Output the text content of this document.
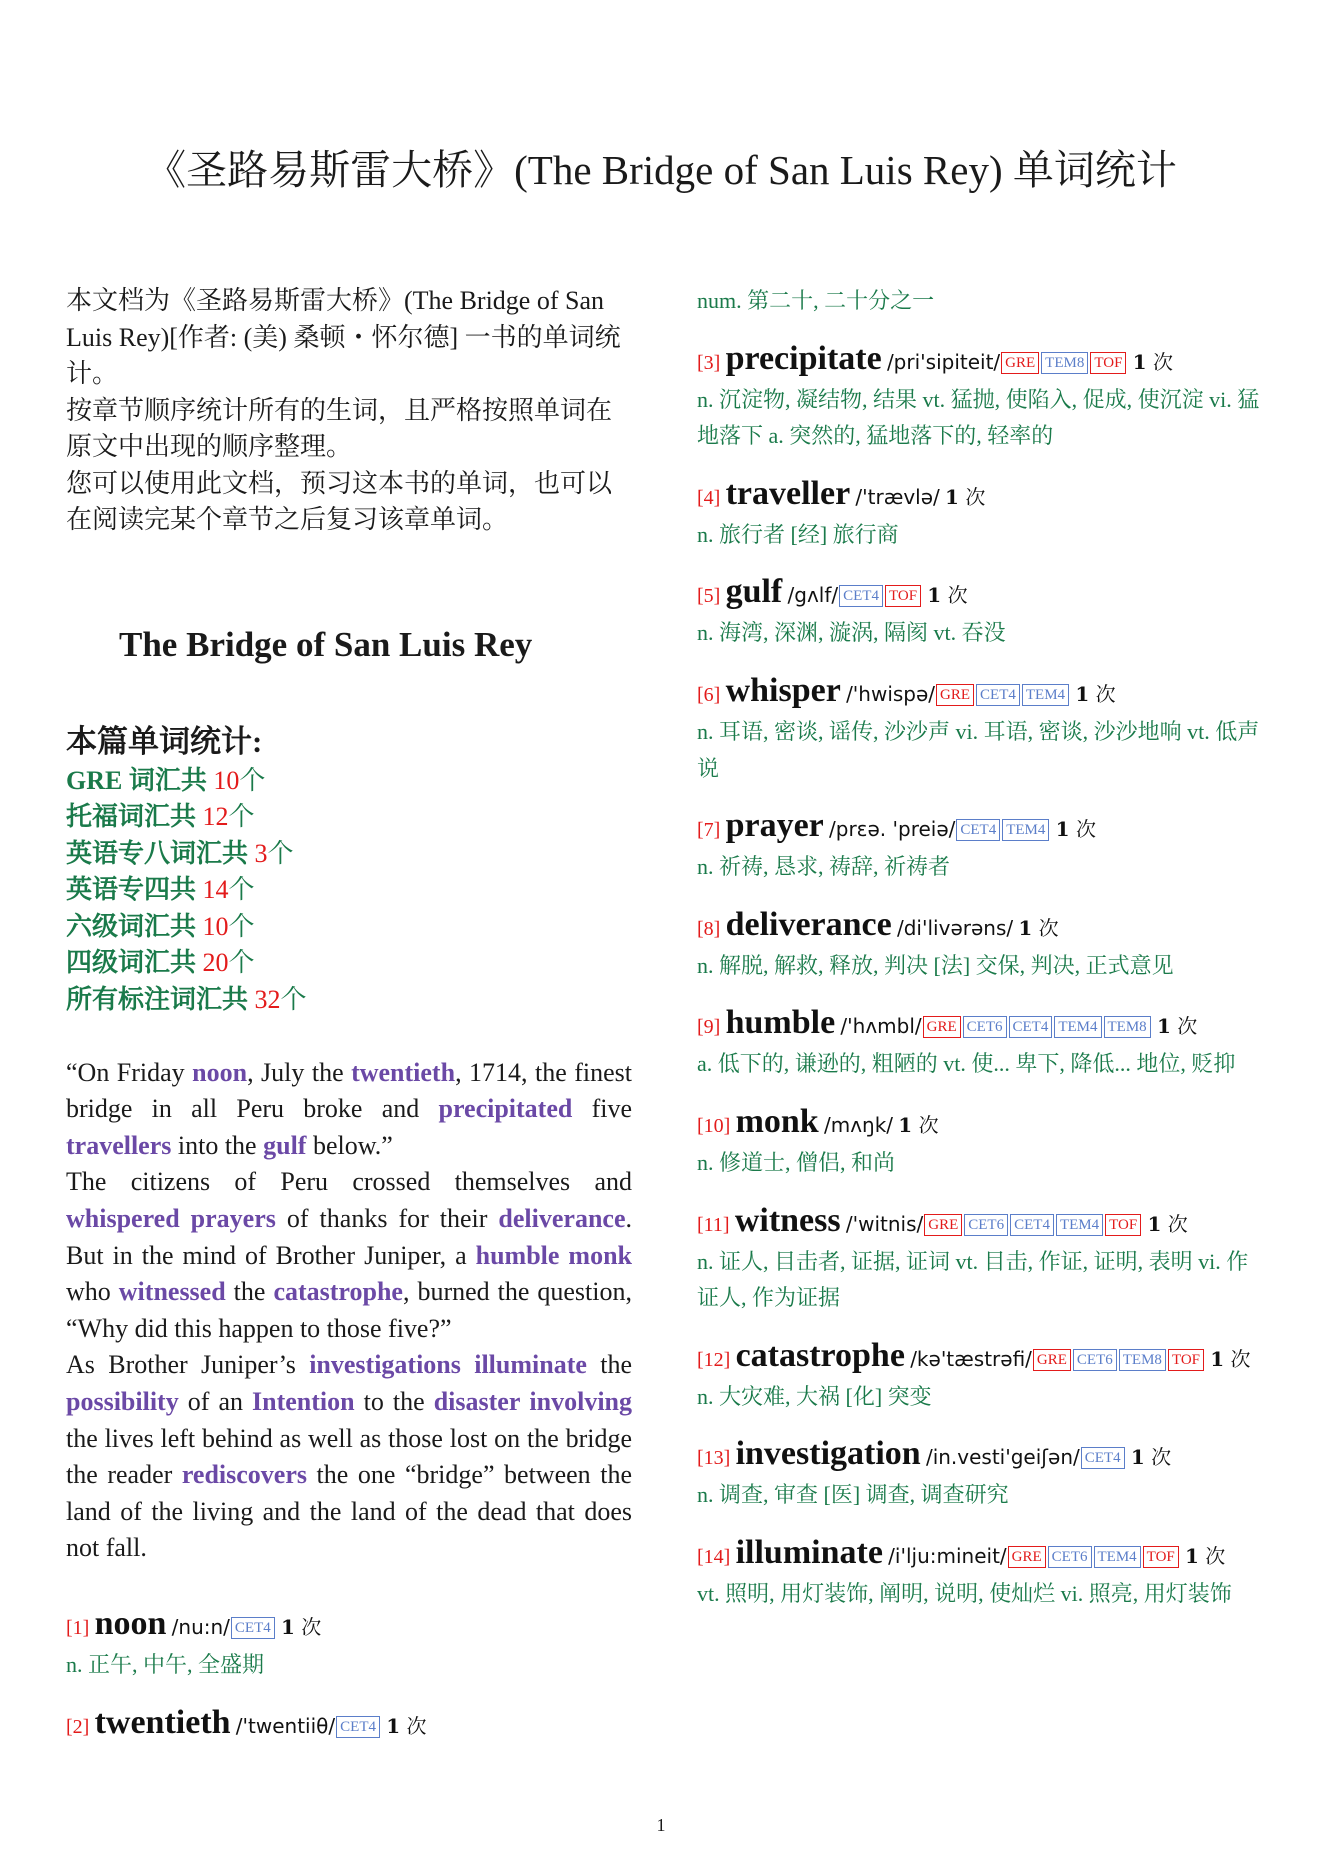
《圣路易斯雷大桥》(The Bridge of San Luis Rey) 单词统计

本文档为《圣路易斯雷大桥》(The Bridge of San Luis Rey)[作者: (美) 桑顿・怀尔德] 一书的单词统计。

按章节顺序统计所有的生词，且严格按照单词在原文中出现的顺序整理。

您可以使用此文档，预习这本书的单词，也可以在阅读完某个章节之后复习该章单词。

The Bridge of San Luis Rey
本篇单词统计:
GRE 词汇共 10个
托福词汇共 12个
英语专八词汇共 3个
英语专四共 14个
六级词汇共 10个
四级词汇共 20个
所有标注词汇共 32个

“On Friday noon, July the twentieth, 1714, the finest bridge in all Peru broke and precipitated five travellers into the gulf below.”

The citizens of Peru crossed themselves and whispered prayers of thanks for their deliverance. But in the mind of Brother Juniper, a humble monk who witnessed the catastrophe, burned the question, “Why did this happen to those five?”

As Brother Juniper’s investigations illuminate the possibility of an Intention to the disaster involving the lives left behind as well as those lost on the bridge the reader rediscovers the one “bridge” between the land of the living and the land of the dead that does not fall.

[1] noon /nu:n/ CET4 1 次

n. 正午, 中午, 全盛期

[2] twentieth /'twentiiθ/ CET4 1 次

num. 第二十, 二十分之一

[3] precipitate /pri'sipiteit/ GRE TEM8 TOF 1 次

n. 沉淀物, 凝结物, 结果 vt. 猛抛, 使陷入, 促成, 使沉淀 vi. 猛地落下 a. 突然的, 猛地落下的, 轻率的

[4] traveller /'trævlə/ 1 次

n. 旅行者 [经] 旅行商

[5] gulf /gʌlf/ CET4 TOF 1 次

n. 海湾, 深渊, 漩涡, 隔阂 vt. 吞没

[6] whisper /'hwispə/ GRE CET4 TEM4 1 次

n. 耳语, 密谈, 谣传, 沙沙声 vi. 耳语, 密谈, 沙沙地响 vt. 低声说

[7] prayer /prɛə. 'preiə/ CET4 TEM4 1 次

n. 祈祷, 恳求, 祷辞, 祈祷者

[8] deliverance /di'livərəns/ 1 次

n. 解脱, 解救, 释放, 判决 [法] 交保, 判决, 正式意见

[9] humble /'hʌmbl/ GRE CET6 CET4 TEM4 TEM8 1 次

a. 低下的, 谦逊的, 粗陋的 vt. 使... 卑下, 降低... 地位, 贬抑

[10] monk /mʌŋk/ 1 次

n. 修道士, 僧侣, 和尚

[11] witness /'witnis/ GRE CET6 CET4 TEM4 TOF 1 次

n. 证人, 目击者, 证据, 证词 vt. 目击, 作证, 证明, 表明 vi. 作证人, 作为证据

[12] catastrophe /kə'tæstrəfi/ GRE CET6 TEM8 TOF 1 次

n. 大灾难, 大祸 [化] 突变

[13] investigation /in.vesti'geiʃən/ CET4 1 次

n. 调查, 审查 [医] 调查, 调查研究

[14] illuminate /i'lju:mineit/ GRE CET6 TEM4 TOF 1 次

vt. 照明, 用灯装饰, 阐明, 说明, 使灿烂 vi. 照亮, 用灯装饰

1
